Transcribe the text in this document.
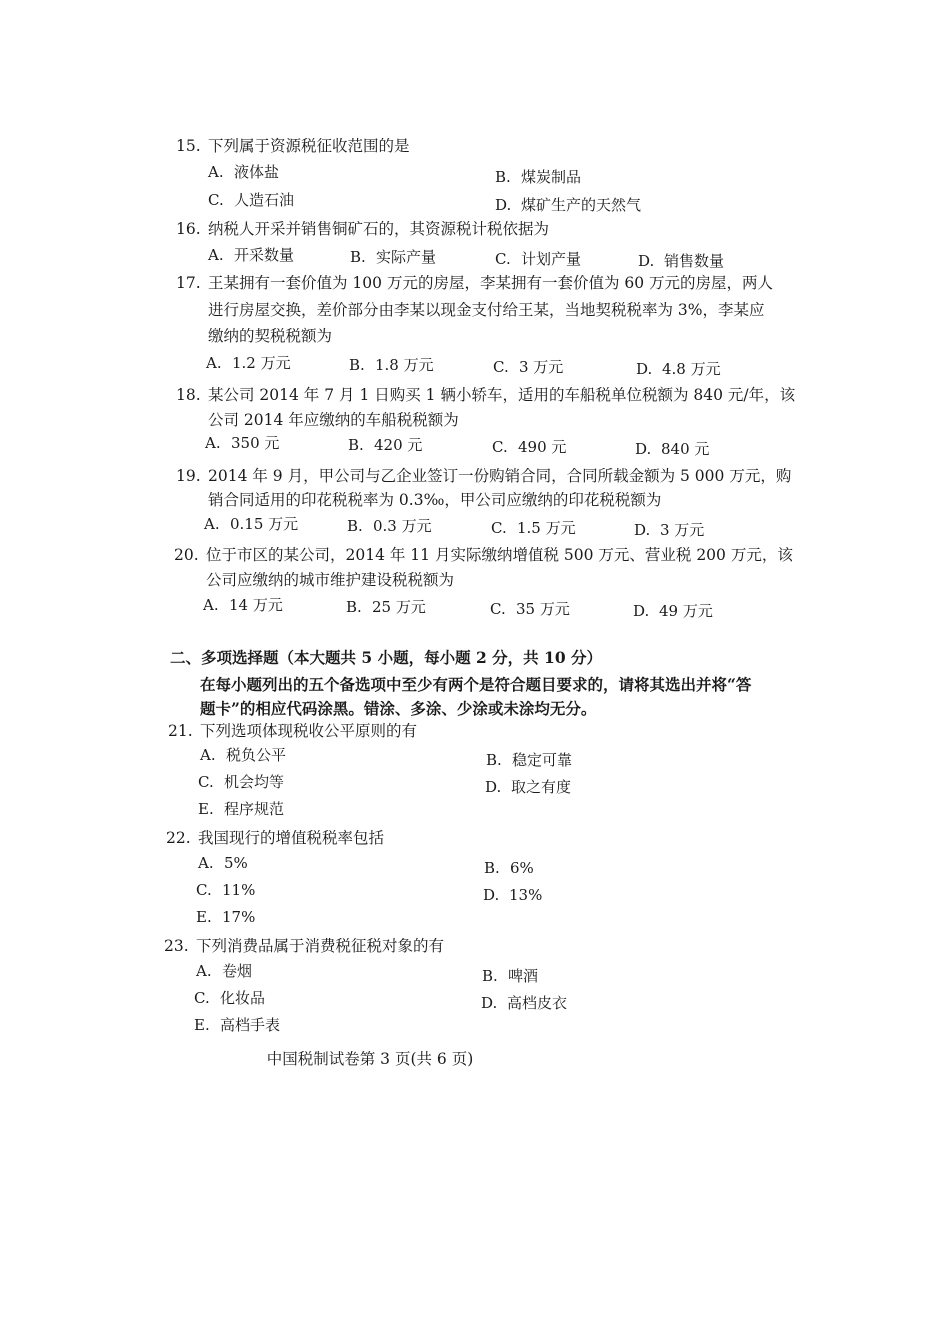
15. 下列属于资源税征收范围的是
A. 液体盐	B. 煤炭制品
C. 人造石油	D. 煤矿生产的天然气
16. 纳税人开采并销售铜矿石的，其资源税计税依据为
A. 开采数量	B. 实际产量	C. 计划产量	D. 销售数量
17. 王某拥有一套价值为 100 万元的房屋，李某拥有一套价值为 60 万元的房屋，两人
进行房屋交换，差价部分由李某以现金支付给王某，当地契税税率为 3%，李某应
缴纳的契税税额为
A. 1.2 万元	B. 1.8 万元	C. 3 万元	D. 4.8 万元
18. 某公司 2014 年 7 月 1 日购买 1 辆小轿车，适用的车船税单位税额为 840 元/年，该
公司 2014 年应缴纳的车船税税额为
A. 350 元	B. 420 元	C. 490 元	D. 840 元
19. 2014 年 9 月，甲公司与乙企业签订一份购销合同，合同所载金额为 5 000 万元，购
销合同适用的印花税税率为 0.3‰，甲公司应缴纳的印花税税额为
A. 0.15 万元	B. 0.3 万元	C. 1.5 万元	D. 3 万元
20. 位于市区的某公司，2014 年 11 月实际缴纳增值税 500 万元、营业税 200 万元，该
公司应缴纳的城市维护建设税税额为
A. 14 万元	B. 25 万元	C. 35 万元	D. 49 万元
二、多项选择题（本大题共 5 小题，每小题 2 分，共 10 分）
在每小题列出的五个备选项中至少有两个是符合题目要求的，请将其选出并将“答
题卡”的相应代码涂黑。错涂、多涂、少涂或未涂均无分。
21. 下列选项体现税收公平原则的有
A. 税负公平	B. 稳定可靠
C. 机会均等	D. 取之有度
E. 程序规范
22. 我国现行的增值税税率包括
A. 5%	B. 6%
C. 11%	D. 13%
E. 17%
23. 下列消费品属于消费税征税对象的有
A. 卷烟	B. 啤酒
C. 化妆品	D. 高档皮衣
E. 高档手表
中国税制试卷第 3 页(共 6 页)
